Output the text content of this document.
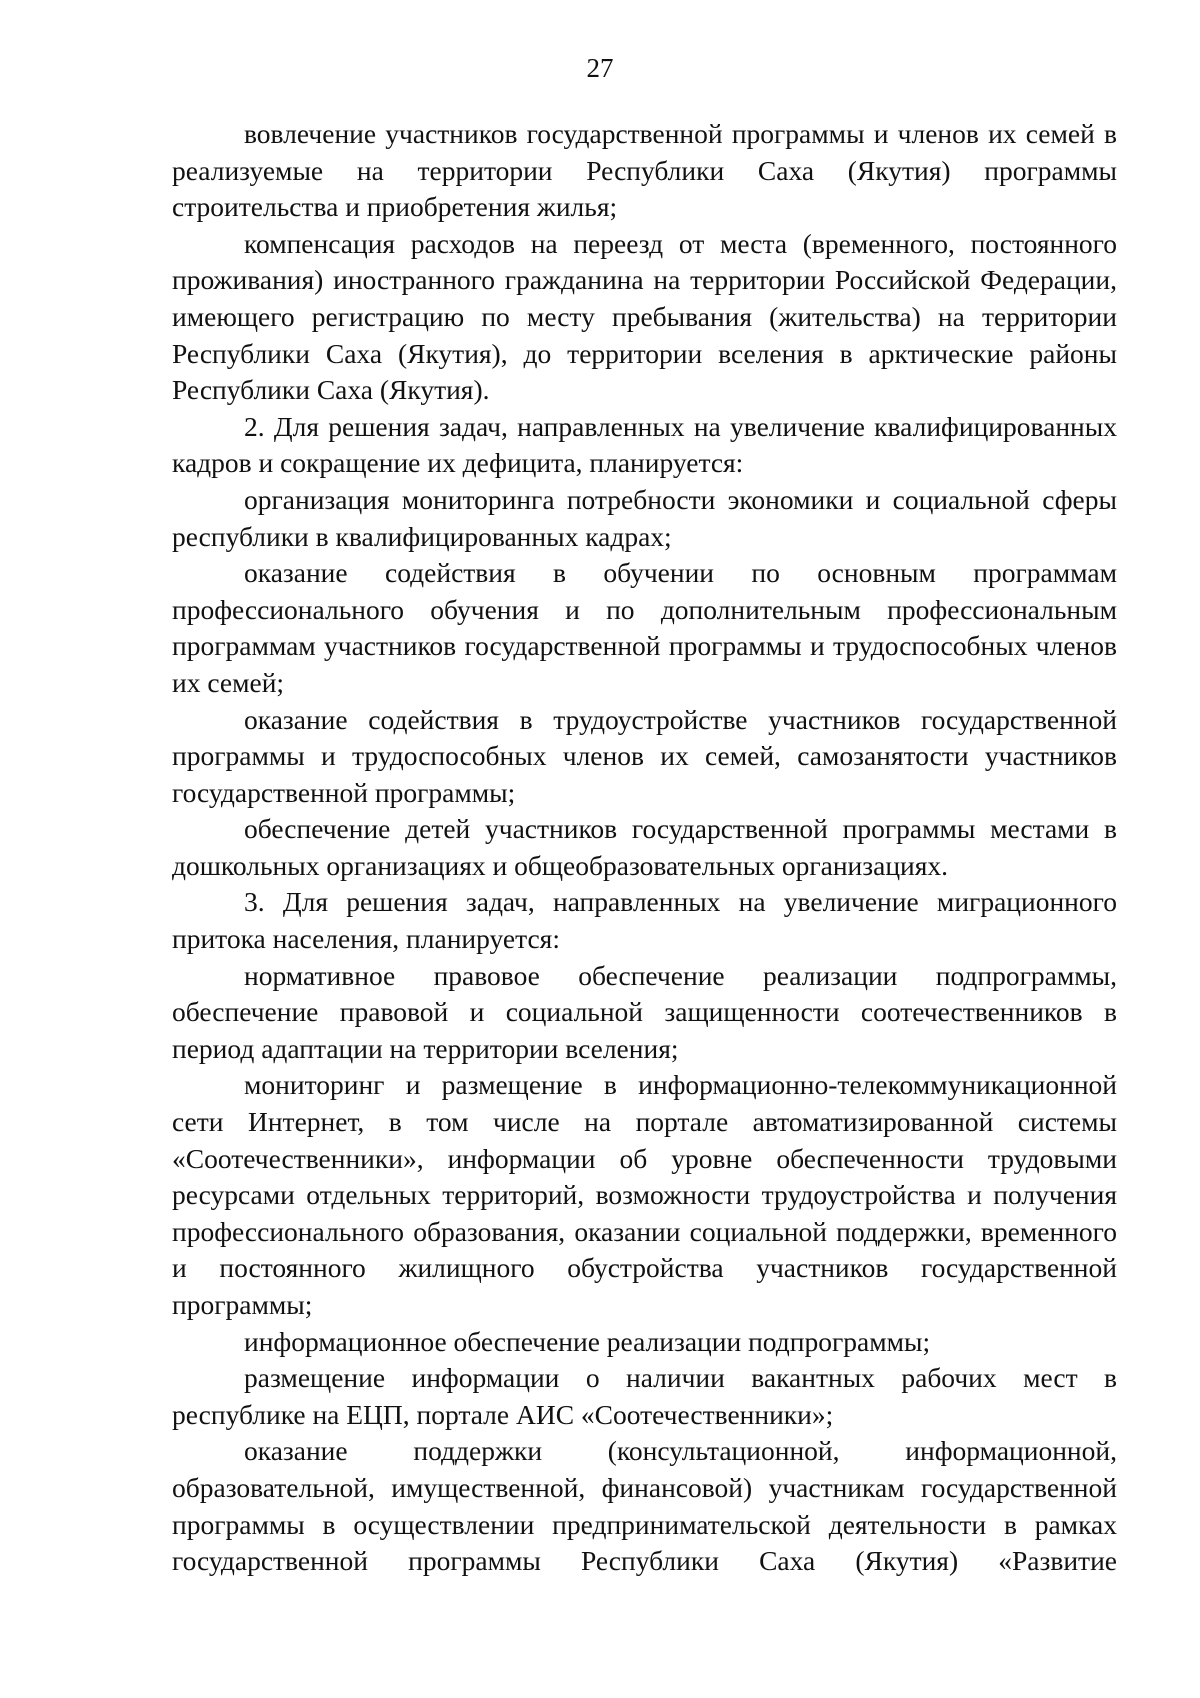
27

вовлечение участников государственной программы и членов их семей в реализуемые на территории Республики Саха (Якутия) программы строительства и приобретения жилья;

компенсация расходов на переезд от места (временного, постоянного проживания) иностранного гражданина на территории Российской Федерации, имеющего регистрацию по месту пребывания (жительства) на территории Республики Саха (Якутия), до территории вселения в арктические районы Республики Саха (Якутия).

2. Для решения задач, направленных на увеличение квалифицированных кадров и сокращение их дефицита, планируется:

организация мониторинга потребности экономики и социальной сферы республики в квалифицированных кадрах;

оказание содействия в обучении по основным программам профессионального обучения и по дополнительным профессиональным программам участников государственной программы и трудоспособных членов их семей;

оказание содействия в трудоустройстве участников государственной программы и трудоспособных членов их семей, самозанятости участников государственной программы;

обеспечение детей участников государственной программы местами в дошкольных организациях и общеобразовательных организациях.

3. Для решения задач, направленных на увеличение миграционного притока населения, планируется:

нормативное правовое обеспечение реализации подпрограммы, обеспечение правовой и социальной защищенности соотечественников в период адаптации на территории вселения;

мониторинг и размещение в информационно-телекоммуникационной сети Интернет, в том числе на портале автоматизированной системы «Соотечественники», информации об уровне обеспеченности трудовыми ресурсами отдельных территорий, возможности трудоустройства и получения профессионального образования, оказании социальной поддержки, временного и постоянного жилищного обустройства участников государственной программы;

информационное обеспечение реализации подпрограммы;

размещение информации о наличии вакантных рабочих мест в республике на ЕЦП, портале АИС «Соотечественники»;

оказание поддержки (консультационной, информационной, образовательной, имущественной, финансовой) участникам государственной программы в осуществлении предпринимательской деятельности в рамках государственной программы Республики Саха (Якутия) «Развитие
